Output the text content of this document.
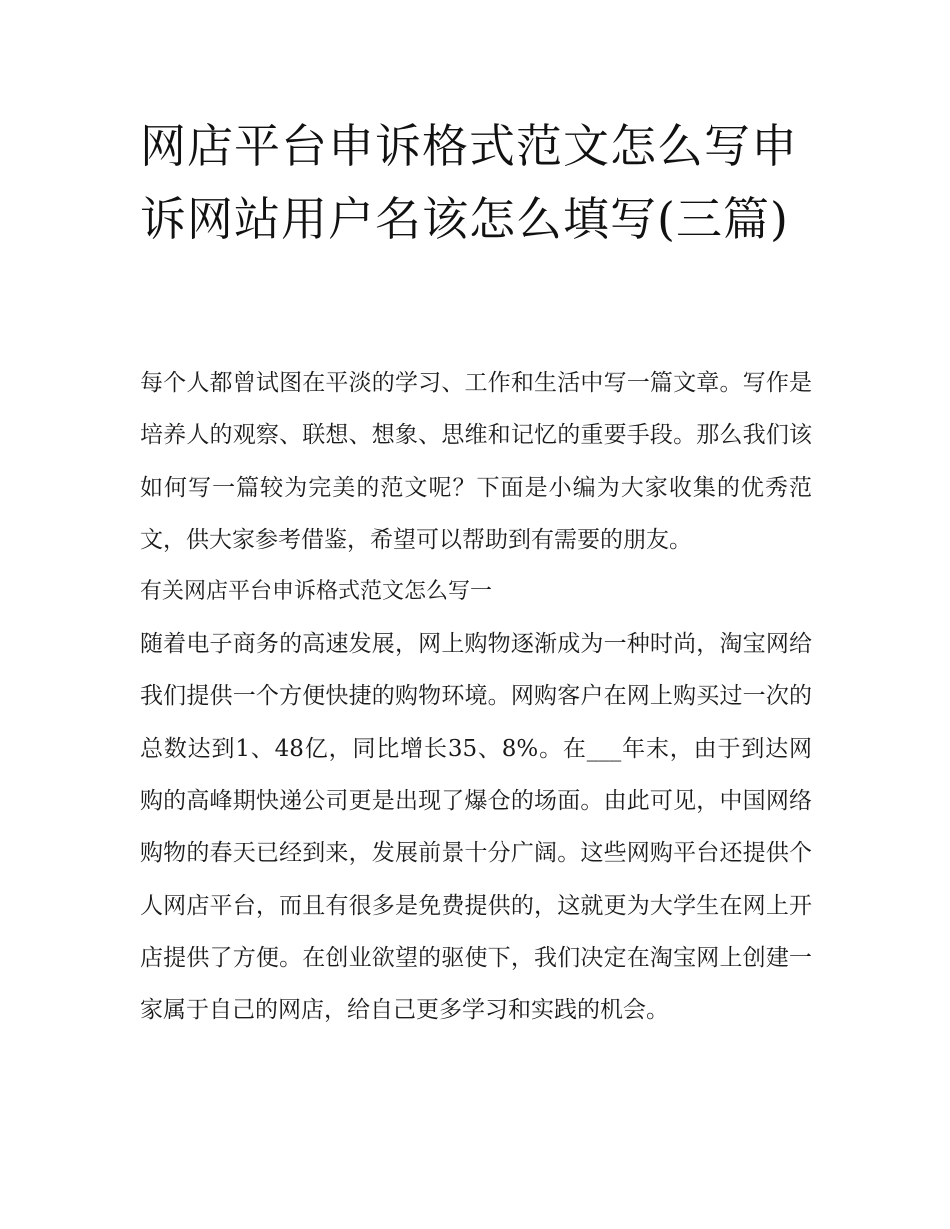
网店平台申诉格式范文怎么写申诉网站用户名该怎么填写(三篇)

每个人都曾试图在平淡的学习、工作和生活中写一篇文章。写作是培养人的观察、联想、想象、思维和记忆的重要手段。那么我们该如何写一篇较为完美的范文呢？下面是小编为大家收集的优秀范文，供大家参考借鉴，希望可以帮助到有需要的朋友。

有关网店平台申诉格式范文怎么写一

随着电子商务的高速发展，网上购物逐渐成为一种时尚，淘宝网给我们提供一个方便快捷的购物环境。网购客户在网上购买过一次的总数达到1、48亿，同比增长35、8%。在___年末，由于到达网购的高峰期快递公司更是出现了爆仓的场面。由此可见，中国网络购物的春天已经到来，发展前景十分广阔。这些网购平台还提供个人网店平台，而且有很多是免费提供的，这就更为大学生在网上开店提供了方便。在创业欲望的驱使下，我们决定在淘宝网上创建一家属于自己的网店，给自己更多学习和实践的机会。
